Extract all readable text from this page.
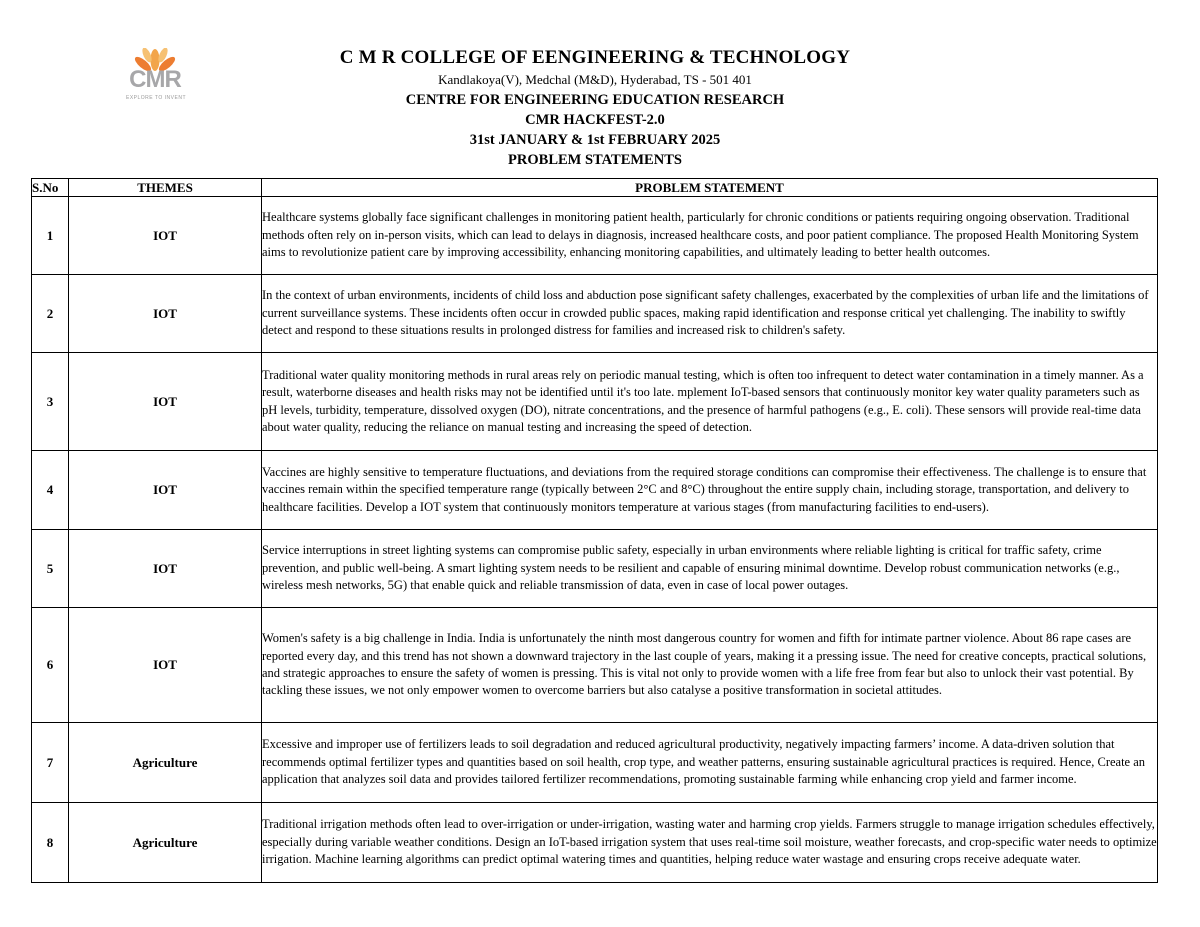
CMR
EXPLORE TO INVENT
C M R COLLEGE OF EENGINEERING & TECHNOLOGY
Kandlakoya(V), Medchal (M&D), Hyderabad, TS - 501 401
CENTRE FOR ENGINEERING EDUCATION RESEARCH
CMR HACKFEST-2.0
31st JANUARY & 1st FEBRUARY 2025
PROBLEM STATEMENTS
S.No	THEMES	PROBLEM STATEMENT
1	IOT	Healthcare systems globally face significant challenges in monitoring patient health, particularly for chronic conditions or patients requiring ongoing observation. Traditional methods often rely on in-person visits, which can lead to delays in diagnosis, increased healthcare costs, and poor patient compliance. The proposed Health Monitoring System aims to revolutionize patient care by improving accessibility, enhancing monitoring capabilities, and ultimately leading to better health outcomes.
2	IOT	In the context of urban environments, incidents of child loss and abduction pose significant safety challenges, exacerbated by the complexities of urban life and the limitations of current surveillance systems. These incidents often occur in crowded public spaces, making rapid identification and response critical yet challenging. The inability to swiftly detect and respond to these situations results in prolonged distress for families and increased risk to children's safety.
3	IOT	Traditional water quality monitoring methods in rural areas rely on periodic manual testing, which is often too infrequent to detect water contamination in a timely manner. As a result, waterborne diseases and health risks may not be identified until it's too late. mplement IoT-based sensors that continuously monitor key water quality parameters such as pH levels, turbidity, temperature, dissolved oxygen (DO), nitrate concentrations, and the presence of harmful pathogens (e.g., E. coli). These sensors will provide real-time data about water quality, reducing the reliance on manual testing and increasing the speed of detection.
4	IOT	Vaccines are highly sensitive to temperature fluctuations, and deviations from the required storage conditions can compromise their effectiveness. The challenge is to ensure that vaccines remain within the specified temperature range (typically between 2°C and 8°C) throughout the entire supply chain, including storage, transportation, and delivery to healthcare facilities. Develop a IOT system that continuously monitors temperature at various stages (from manufacturing facilities to end-users).
5	IOT	Service interruptions in street lighting systems can compromise public safety, especially in urban environments where reliable lighting is critical for traffic safety, crime prevention, and public well-being. A smart lighting system needs to be resilient and capable of ensuring minimal downtime. Develop robust communication networks (e.g., wireless mesh networks, 5G) that enable quick and reliable transmission of data, even in case of local power outages.
6	IOT	Women's safety is a big challenge in India. India is unfortunately the ninth most dangerous country for women and fifth for intimate partner violence. About 86 rape cases are reported every day, and this trend has not shown a downward trajectory in the last couple of years, making it a pressing issue. The need for creative concepts, practical solutions, and strategic approaches to ensure the safety of women is pressing. This is vital not only to provide women with a life free from fear but also to unlock their vast potential. By tackling these issues, we not only empower women to overcome barriers but also catalyse a positive transformation in societal attitudes.
7	Agriculture	Excessive and improper use of fertilizers leads to soil degradation and reduced agricultural productivity, negatively impacting farmers’ income. A data-driven solution that recommends optimal fertilizer types and quantities based on soil health, crop type, and weather patterns, ensuring sustainable agricultural practices is required. Hence, Create an application that analyzes soil data and provides tailored fertilizer recommendations, promoting sustainable farming while enhancing crop yield and farmer income.
8	Agriculture	Traditional irrigation methods often lead to over-irrigation or under-irrigation, wasting water and harming crop yields. Farmers struggle to manage irrigation schedules effectively, especially during variable weather conditions. Design an IoT-based irrigation system that uses real-time soil moisture, weather forecasts, and crop-specific water needs to optimize irrigation. Machine learning algorithms can predict optimal watering times and quantities, helping reduce water wastage and ensuring crops receive adequate water.
